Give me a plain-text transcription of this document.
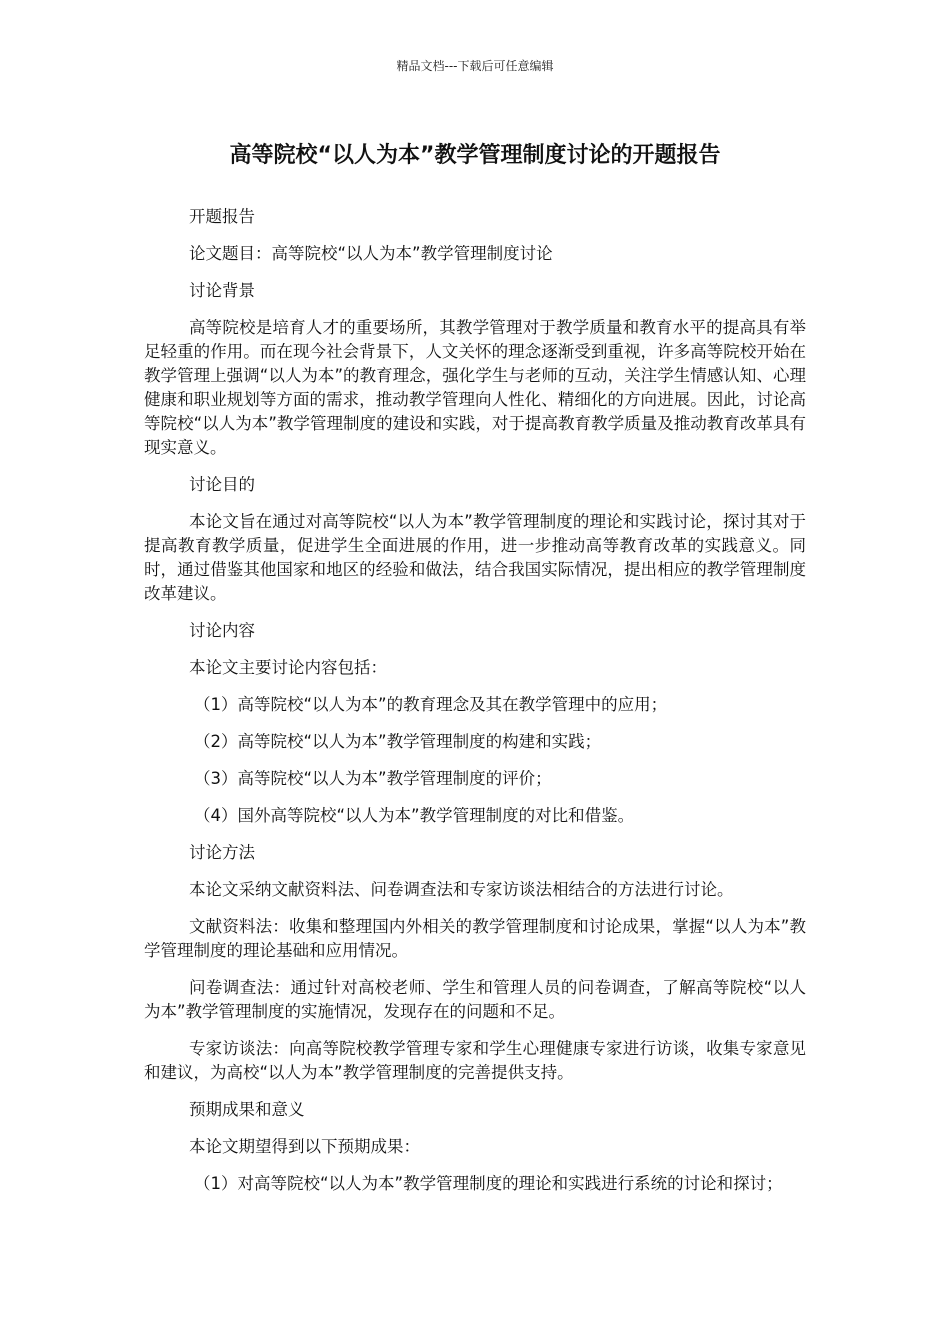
精品文档---下载后可任意编辑
高等院校“以人为本”教学管理制度讨论的开题报告

开题报告

论文题目：高等院校“以人为本”教学管理制度讨论

讨论背景

高等院校是培育人才的重要场所，其教学管理对于教学质量和教育水平的提高具有举足轻重的作用。而在现今社会背景下，人文关怀的理念逐渐受到重视，许多高等院校开始在教学管理上强调“以人为本”的教育理念，强化学生与老师的互动，关注学生情感认知、心理健康和职业规划等方面的需求，推动教学管理向人性化、精细化的方向进展。因此，讨论高等院校“以人为本”教学管理制度的建设和实践，对于提高教育教学质量及推动教育改革具有现实意义。

讨论目的

本论文旨在通过对高等院校“以人为本”教学管理制度的理论和实践讨论，探讨其对于提高教育教学质量，促进学生全面进展的作用，进一步推动高等教育改革的实践意义。同时，通过借鉴其他国家和地区的经验和做法，结合我国实际情况，提出相应的教学管理制度改革建议。

讨论内容

本论文主要讨论内容包括：

（1）高等院校“以人为本”的教育理念及其在教学管理中的应用；

（2）高等院校“以人为本”教学管理制度的构建和实践；

（3）高等院校“以人为本”教学管理制度的评价；

（4）国外高等院校“以人为本”教学管理制度的对比和借鉴。

讨论方法

本论文采纳文献资料法、问卷调查法和专家访谈法相结合的方法进行讨论。

文献资料法：收集和整理国内外相关的教学管理制度和讨论成果，掌握“以人为本”教学管理制度的理论基础和应用情况。

问卷调查法：通过针对高校老师、学生和管理人员的问卷调查，了解高等院校“以人为本”教学管理制度的实施情况，发现存在的问题和不足。

专家访谈法：向高等院校教学管理专家和学生心理健康专家进行访谈，收集专家意见和建议，为高校“以人为本”教学管理制度的完善提供支持。

预期成果和意义

本论文期望得到以下预期成果：

（1）对高等院校“以人为本”教学管理制度的理论和实践进行系统的讨论和探讨；
